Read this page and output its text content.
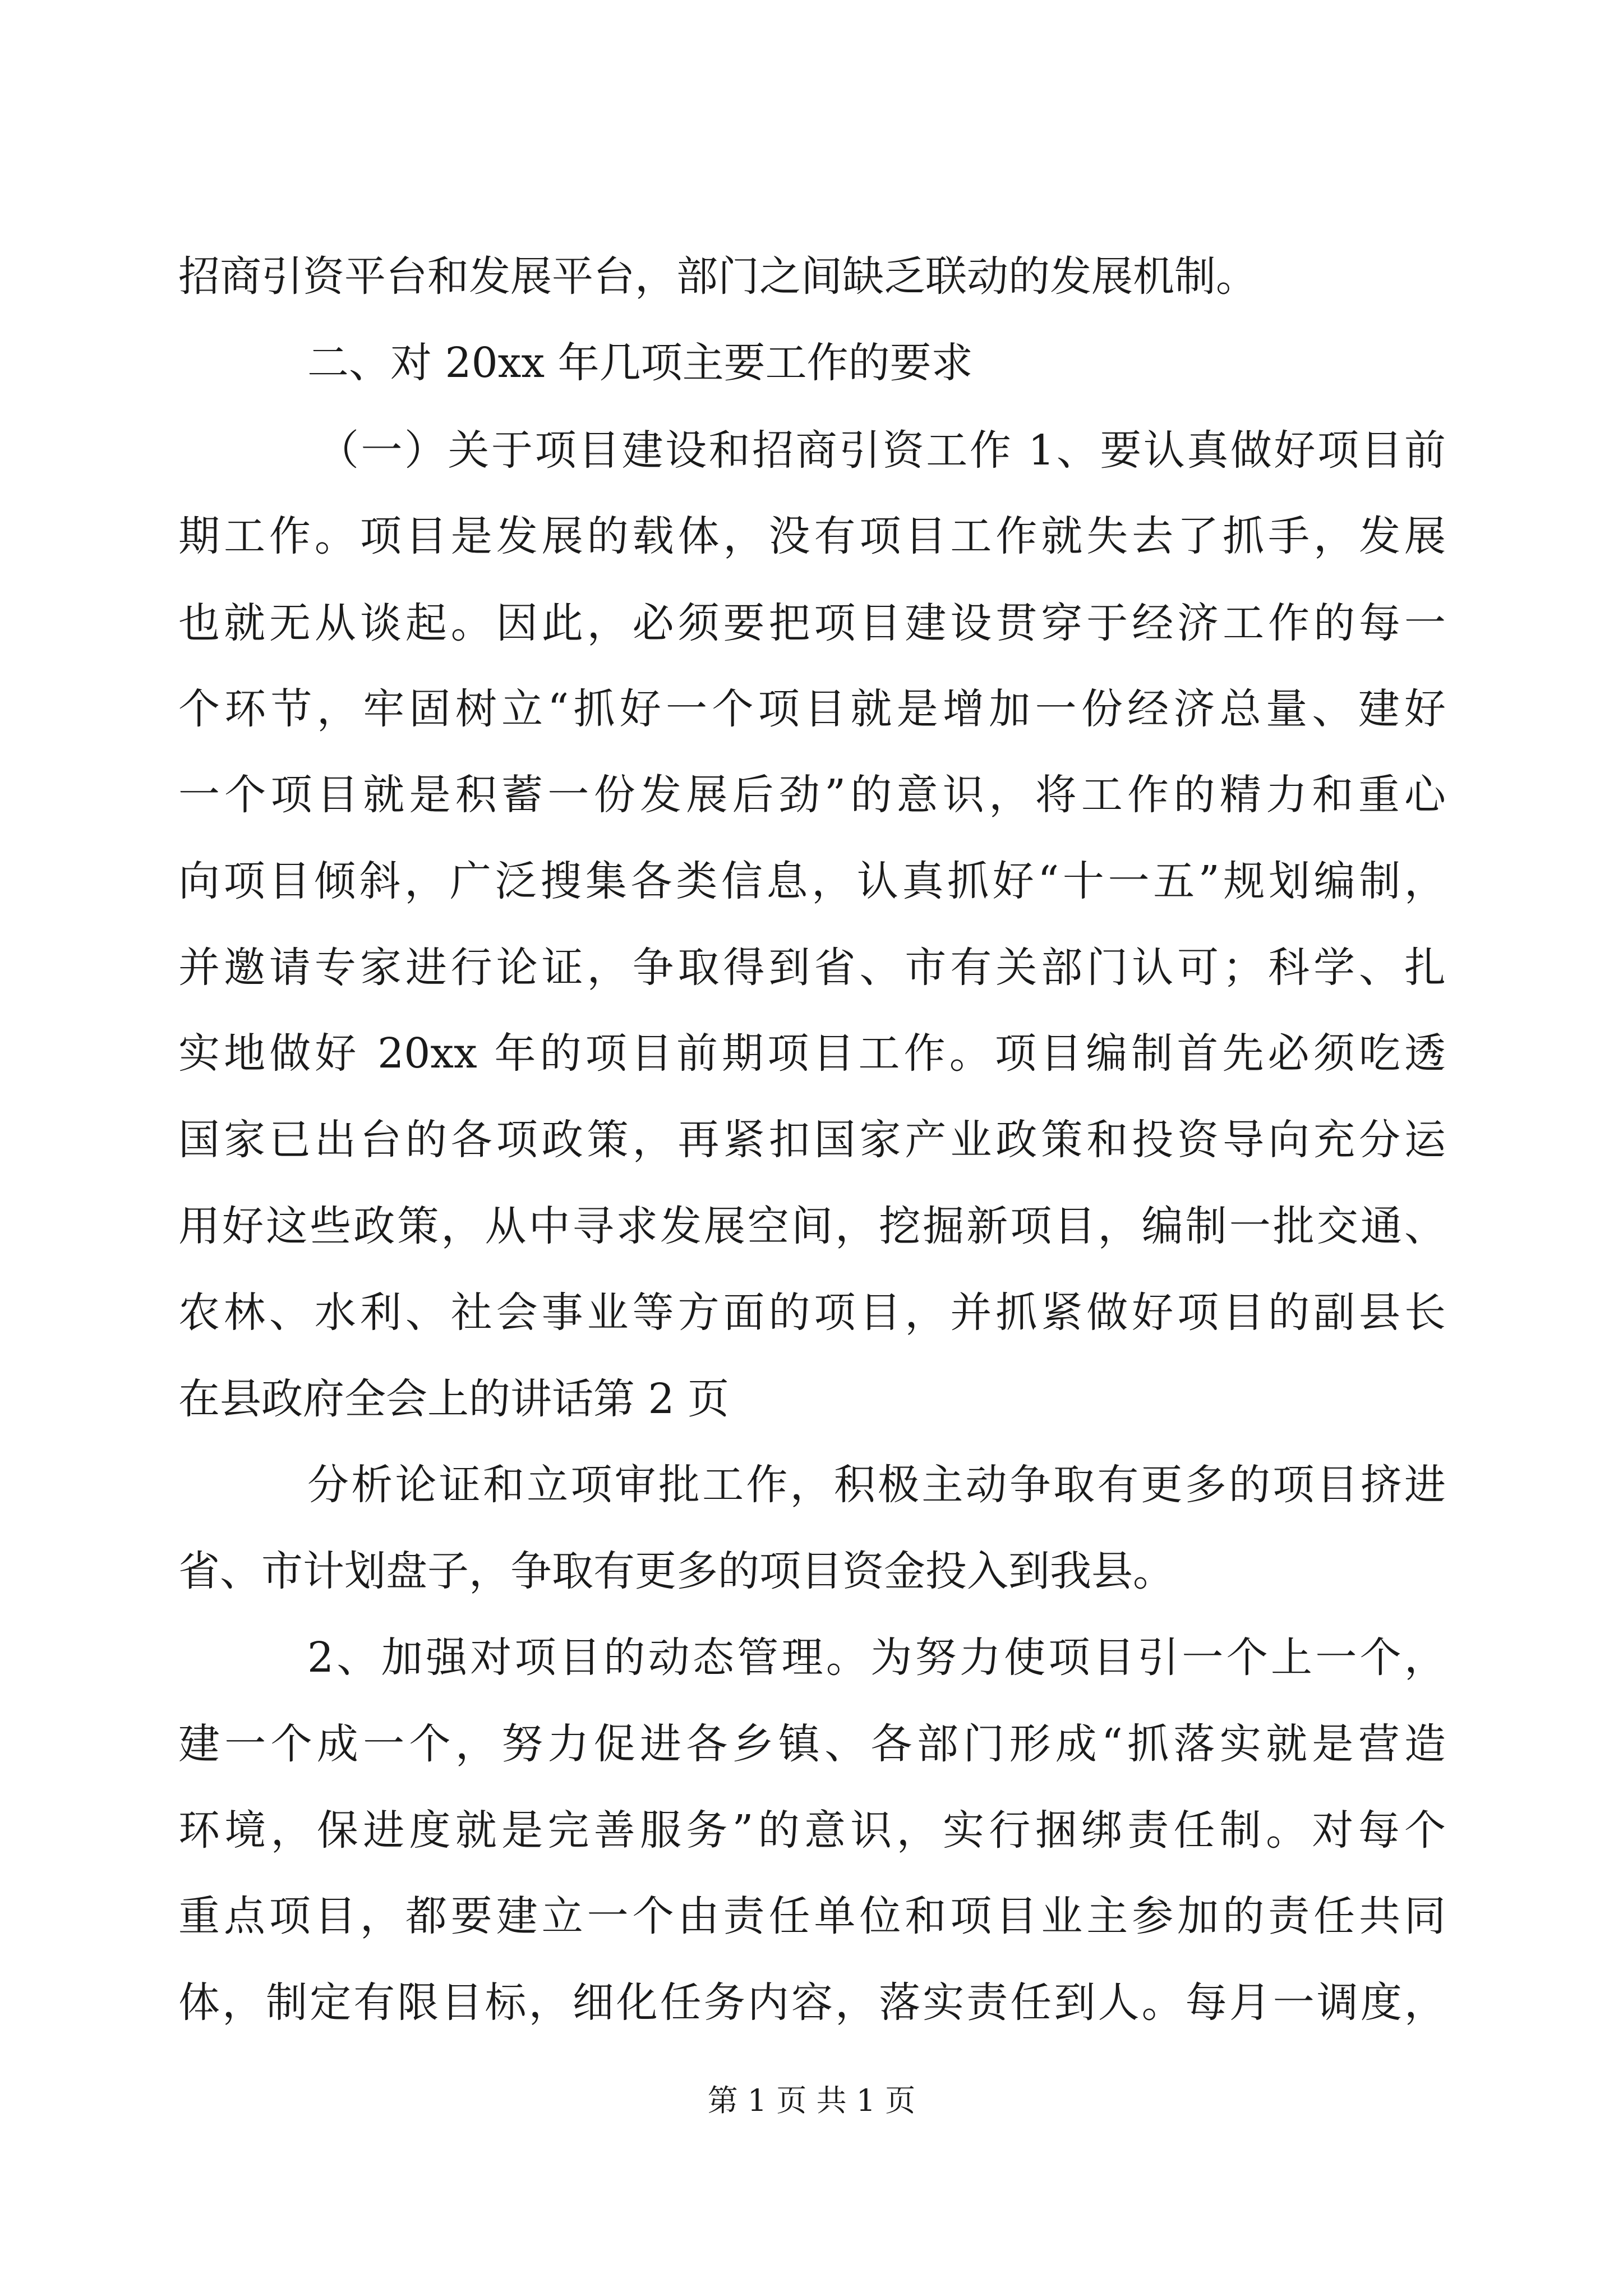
招商引资平台和发展平台，部门之间缺乏联动的发展机制。
二、对 20xx 年几项主要工作的要求
（一）关于项目建设和招商引资工作 1、要认真做好项目前
期工作。项目是发展的载体，没有项目工作就失去了抓手，发展
也就无从谈起。因此，必须要把项目建设贯穿于经济工作的每一
个环节，牢固树立“抓好一个项目就是增加一份经济总量、建好
一个项目就是积蓄一份发展后劲”的意识，将工作的精力和重心
向项目倾斜，广泛搜集各类信息，认真抓好“十一五”规划编制，
并邀请专家进行论证，争取得到省、市有关部门认可；科学、扎
实地做好 20xx 年的项目前期项目工作。项目编制首先必须吃透
国家已出台的各项政策，再紧扣国家产业政策和投资导向充分运
用好这些政策，从中寻求发展空间，挖掘新项目，编制一批交通、
农林、水利、社会事业等方面的项目，并抓紧做好项目的副县长
在县政府全会上的讲话第 2 页
分析论证和立项审批工作，积极主动争取有更多的项目挤进
省、市计划盘子，争取有更多的项目资金投入到我县。
2、加强对项目的动态管理。为努力使项目引一个上一个，
建一个成一个，努力促进各乡镇、各部门形成“抓落实就是营造
环境，保进度就是完善服务”的意识，实行捆绑责任制。对每个
重点项目，都要建立一个由责任单位和项目业主参加的责任共同
体，制定有限目标，细化任务内容，落实责任到人。每月一调度，
第 1 页 共 1 页
